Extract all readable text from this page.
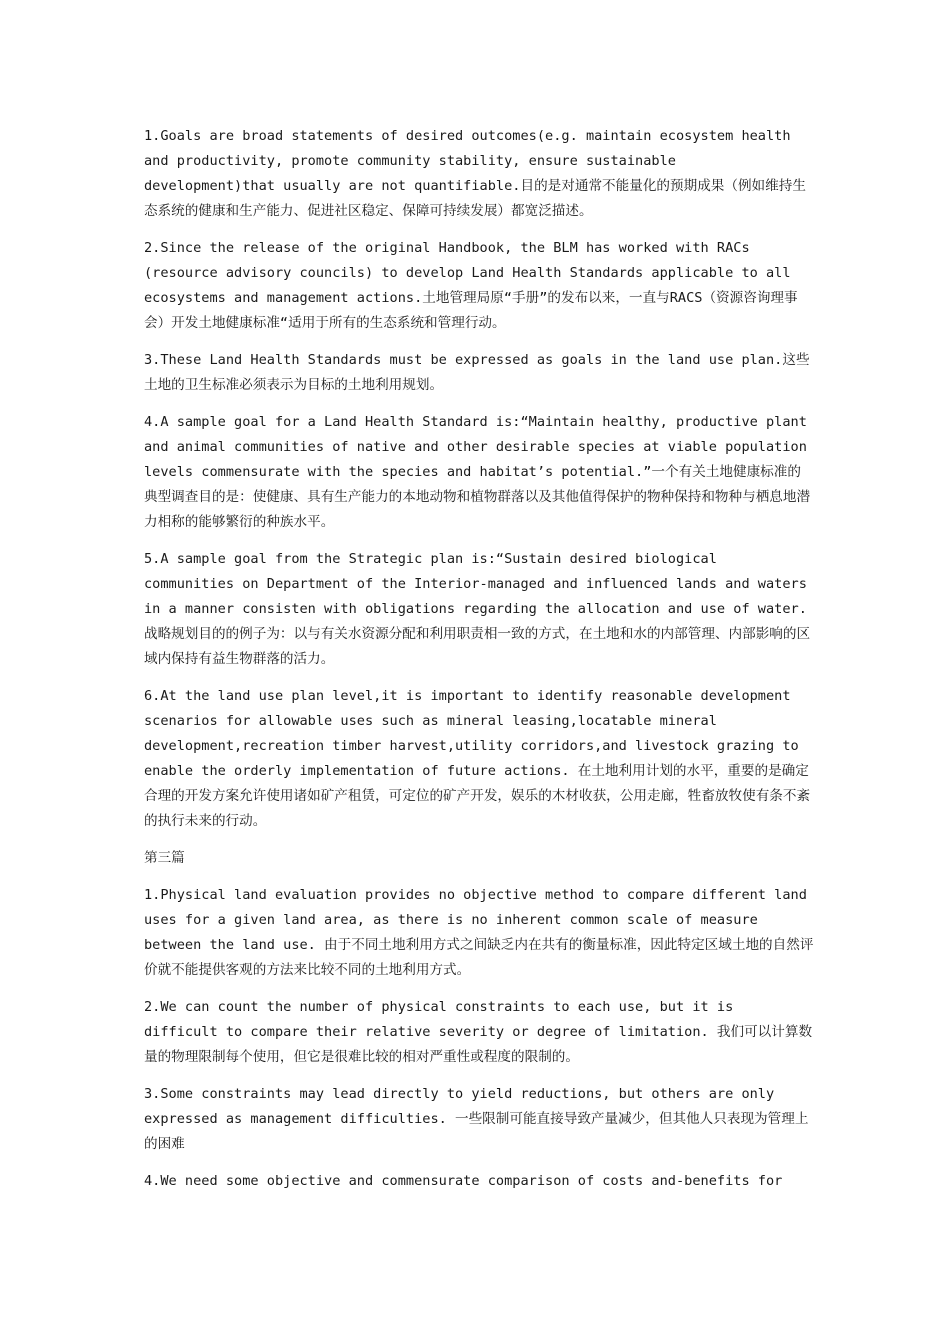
1.Goals are broad statements of desired outcomes(e.g. maintain ecosystem health and productivity, promote community stability, ensure sustainable development)that usually are not quantifiable.目的是对通常不能量化的预期成果（例如维持生态系统的健康和生产能力、促进社区稳定、保障可持续发展）都宽泛描述。

2.Since the release of the original Handbook, the BLM has worked with RACs (resource advisory councils) to develop Land Health Standards applicable to all ecosystems and management actions.土地管理局原“手册”的发布以来，一直与RACS（资源咨询理事会）开发土地健康标准“适用于所有的生态系统和管理行动。

3.These Land Health Standards must be expressed as goals in the land use plan.这些土地的卫生标准必须表示为目标的土地利用规划。

4.A sample goal for a Land Health Standard is:“Maintain healthy, productive plant and animal communities of native and other desirable species at viable population levels commensurate with the species and habitat’s potential.”一个有关土地健康标准的典型调查目的是：使健康、具有生产能力的本地动物和植物群落以及其他值得保护的物种保持和物种与栖息地潜力相称的能够繁衍的种族水平。

5.A sample goal from the Strategic plan is:“Sustain desired biological communities on Department of the Interior-managed and influenced lands and waters in a manner consisten with obligations regarding the allocation and use of water.战略规划目的的例子为：以与有关水资源分配和利用职责相一致的方式，在土地和水的内部管理、内部影响的区域内保持有益生物群落的活力。

6.At the land use plan level,it is important to identify reasonable development scenarios for allowable uses such as mineral leasing,locatable mineral development,recreation timber harvest,utility corridors,and livestock grazing to enable the orderly implementation of future actions. 在土地利用计划的水平，重要的是确定合理的开发方案允许使用诸如矿产租赁，可定位的矿产开发，娱乐的木材收获，公用走廊，牲畜放牧使有条不紊的执行未来的行动。

第三篇

1.Physical land evaluation provides no objective method to compare different land uses for a given land area, as there is no inherent common scale of measure between the land use. 由于不同土地利用方式之间缺乏内在共有的衡量标准，因此特定区域土地的自然评价就不能提供客观的方法来比较不同的土地利用方式。

2.We can count the number of physical constraints to each use, but it is difficult to compare their relative severity or degree of limitation. 我们可以计算数量的物理限制每个使用，但它是很难比较的相对严重性或程度的限制的。

3.Some constraints may lead directly to yield reductions, but others are only expressed as management difficulties. 一些限制可能直接导致产量减少，但其他人只表现为管理上的困难

4.We need some objective and commensurate comparison of costs and-benefits for
